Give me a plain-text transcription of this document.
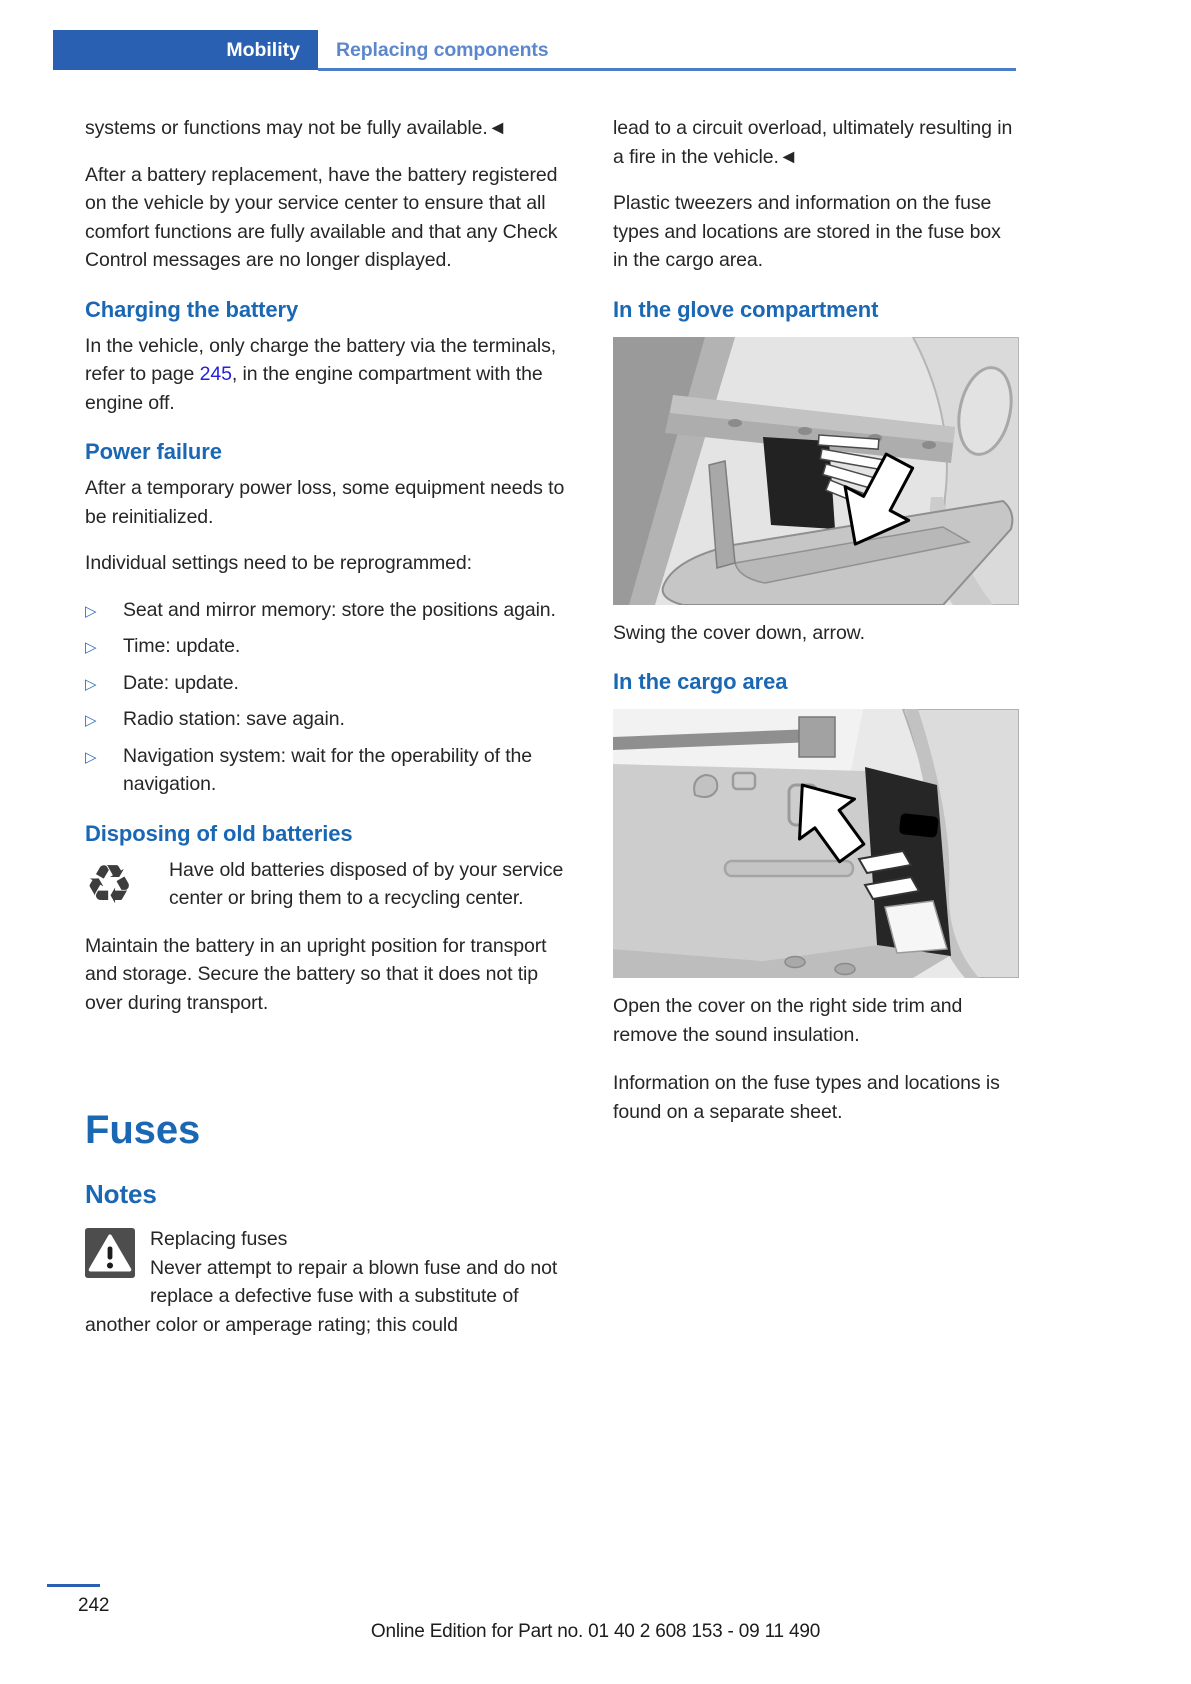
Mobility Replacing components

systems or functions may not be fully available.◄

After a battery replacement, have the battery registered on the vehicle by your service center to ensure that all comfort functions are fully available and that any Check Control messages are no longer displayed.

Charging the battery

In the vehicle, only charge the battery via the terminals, refer to page 245, in the engine compartment with the engine off.

Power failure

After a temporary power loss, some equipment needs to be reinitialized.

Individual settings need to be reprogrammed:

▷ Seat and mirror memory: store the positions again.
▷ Time: update.
▷ Date: update.
▷ Radio station: save again.
▷ Navigation system: wait for the operability of the navigation.
Disposing of old batteries
♻	Have old batteries disposed of by your service center or bring them to a recycling center.

Maintain the battery in an upright position for transport and storage. Secure the battery so that it does not tip over during transport.

Fuses
Notes
Replacing fuses
Never attempt to repair a blown fuse and do not replace a defective fuse with a substitute of another color or amperage rating; this could

lead to a circuit overload, ultimately resulting in a fire in the vehicle.◄

Plastic tweezers and information on the fuse types and locations are stored in the fuse box in the cargo area.

In the glove compartment
Swing the cover down, arrow.
In the cargo area
Open the cover on the right side trim and remove the sound insulation.

Information on the fuse types and locations is found on a separate sheet.

242
Online Edition for Part no. 01 40 2 608 153 - 09 11 490
